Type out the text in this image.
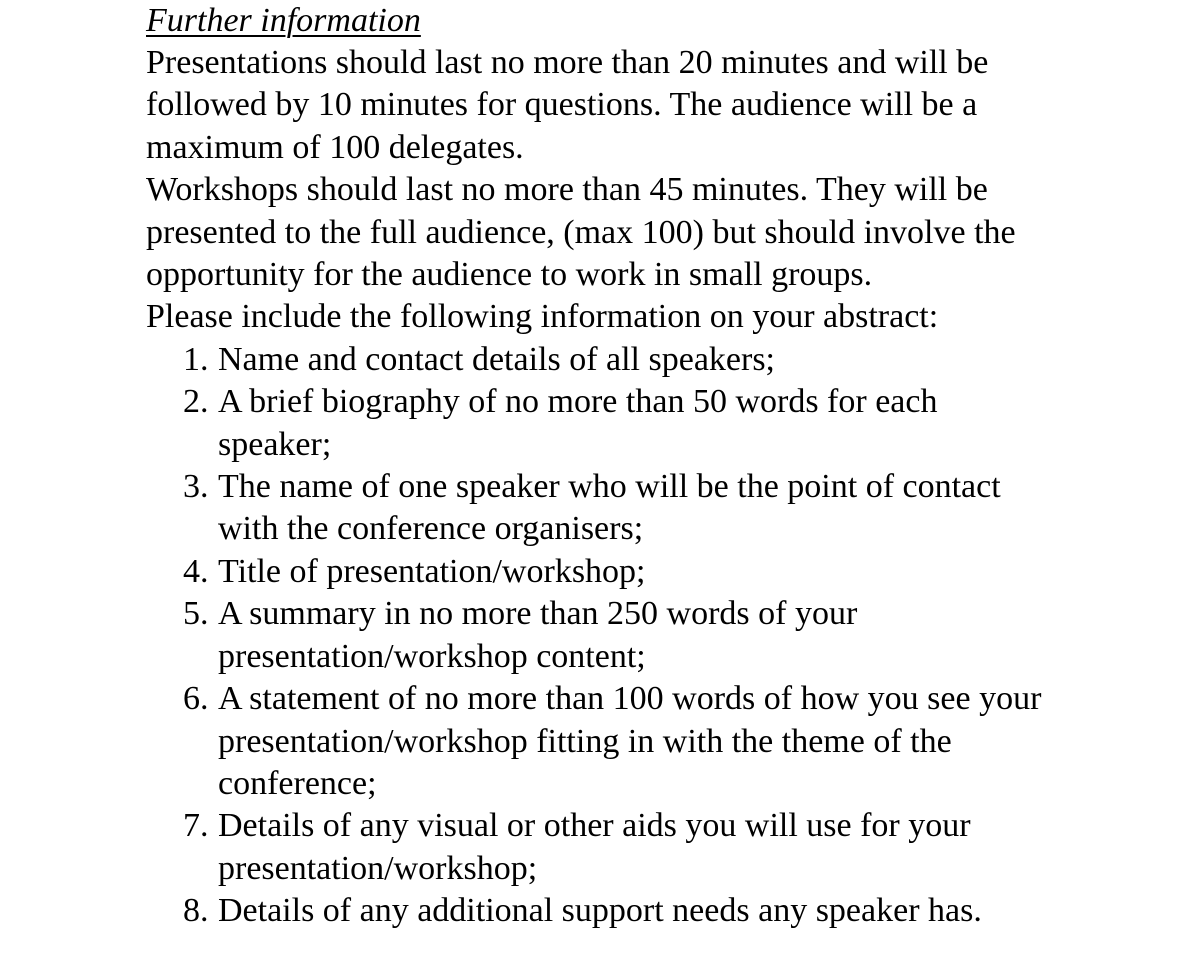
Further information

Presentations should last no more than 20 minutes and will be followed by 10 minutes for questions. The audience will be a maximum of 100 delegates.

Workshops should last no more than 45 minutes. They will be presented to the full audience, (max 100) but should involve the opportunity for the audience to work in small groups.

Please include the following information on your abstract:

1. Name and contact details of all speakers;
2. A brief biography of no more than 50 words for each speaker;
3. The name of one speaker who will be the point of contact with the conference organisers;
4. Title of presentation/workshop;
5. A summary in no more than 250 words of your presentation/workshop content;
6. A statement of no more than 100 words of how you see your presentation/workshop fitting in with the theme of the conference;
7. Details of any visual or other aids you will use for your presentation/workshop;
8. Details of any additional support needs any speaker has.
